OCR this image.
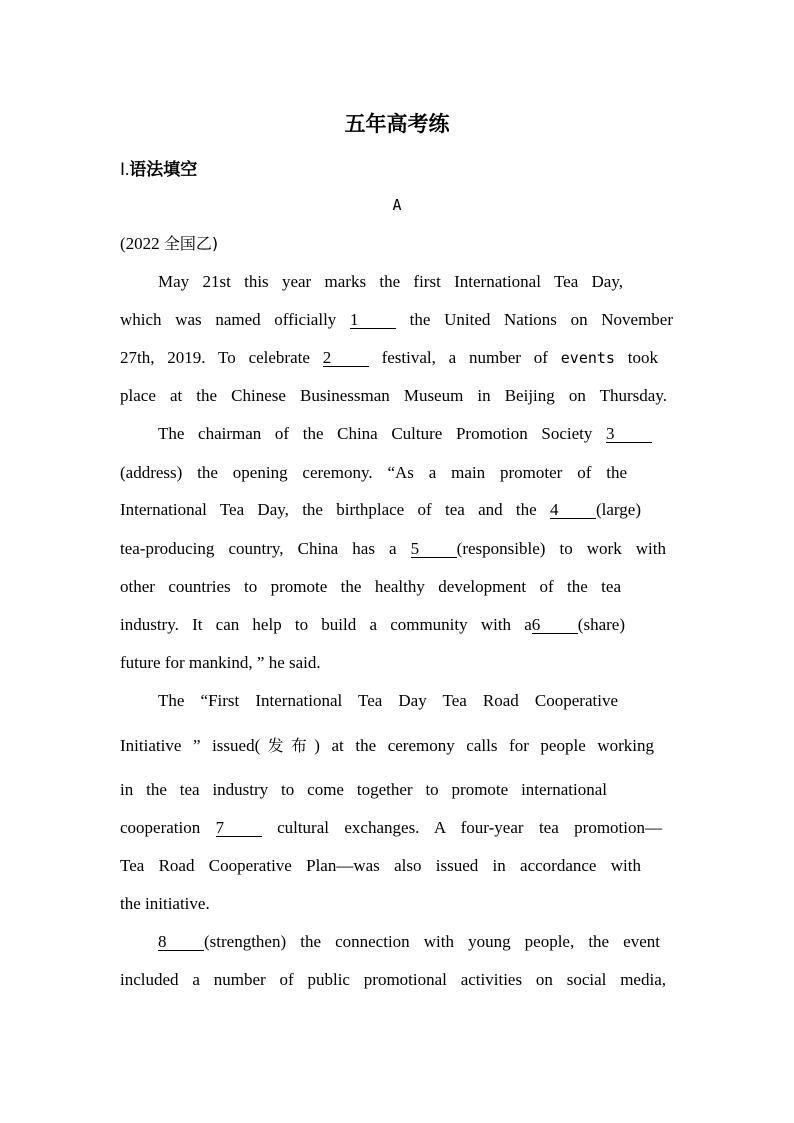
五年高考练
Ⅰ.语法填空
A
(2022 全国乙)
May 21st this year marks the first International Tea Day,
which was named officially 1	the United Nations on November
27th, 2019. To celebrate 2	festival, a number of events took
place at the Chinese Businessman Museum in Beijing on Thursday.
The chairman of the China Culture Promotion Society 3
(address) the opening ceremony. “As a main promoter of the
International Tea Day, the birthplace of tea and the 4 (large)
tea-producing country, China has a 5 (responsible) to work with
other countries to promote the healthy development of the tea
industry. It can help to build a community with a6 (share)
future for mankind, ” he said.
The “First International Tea Day Tea Road Cooperative
Initiative ” issued(发布) at the ceremony calls for people working
in the tea industry to come together to promote international
cooperation 7	cultural exchanges. A four-year tea promotion—
Tea Road Cooperative Plan—was also issued in accordance with
the initiative.
8 (strengthen) the connection with young people, the event
included a number of public promotional activities on social media,
